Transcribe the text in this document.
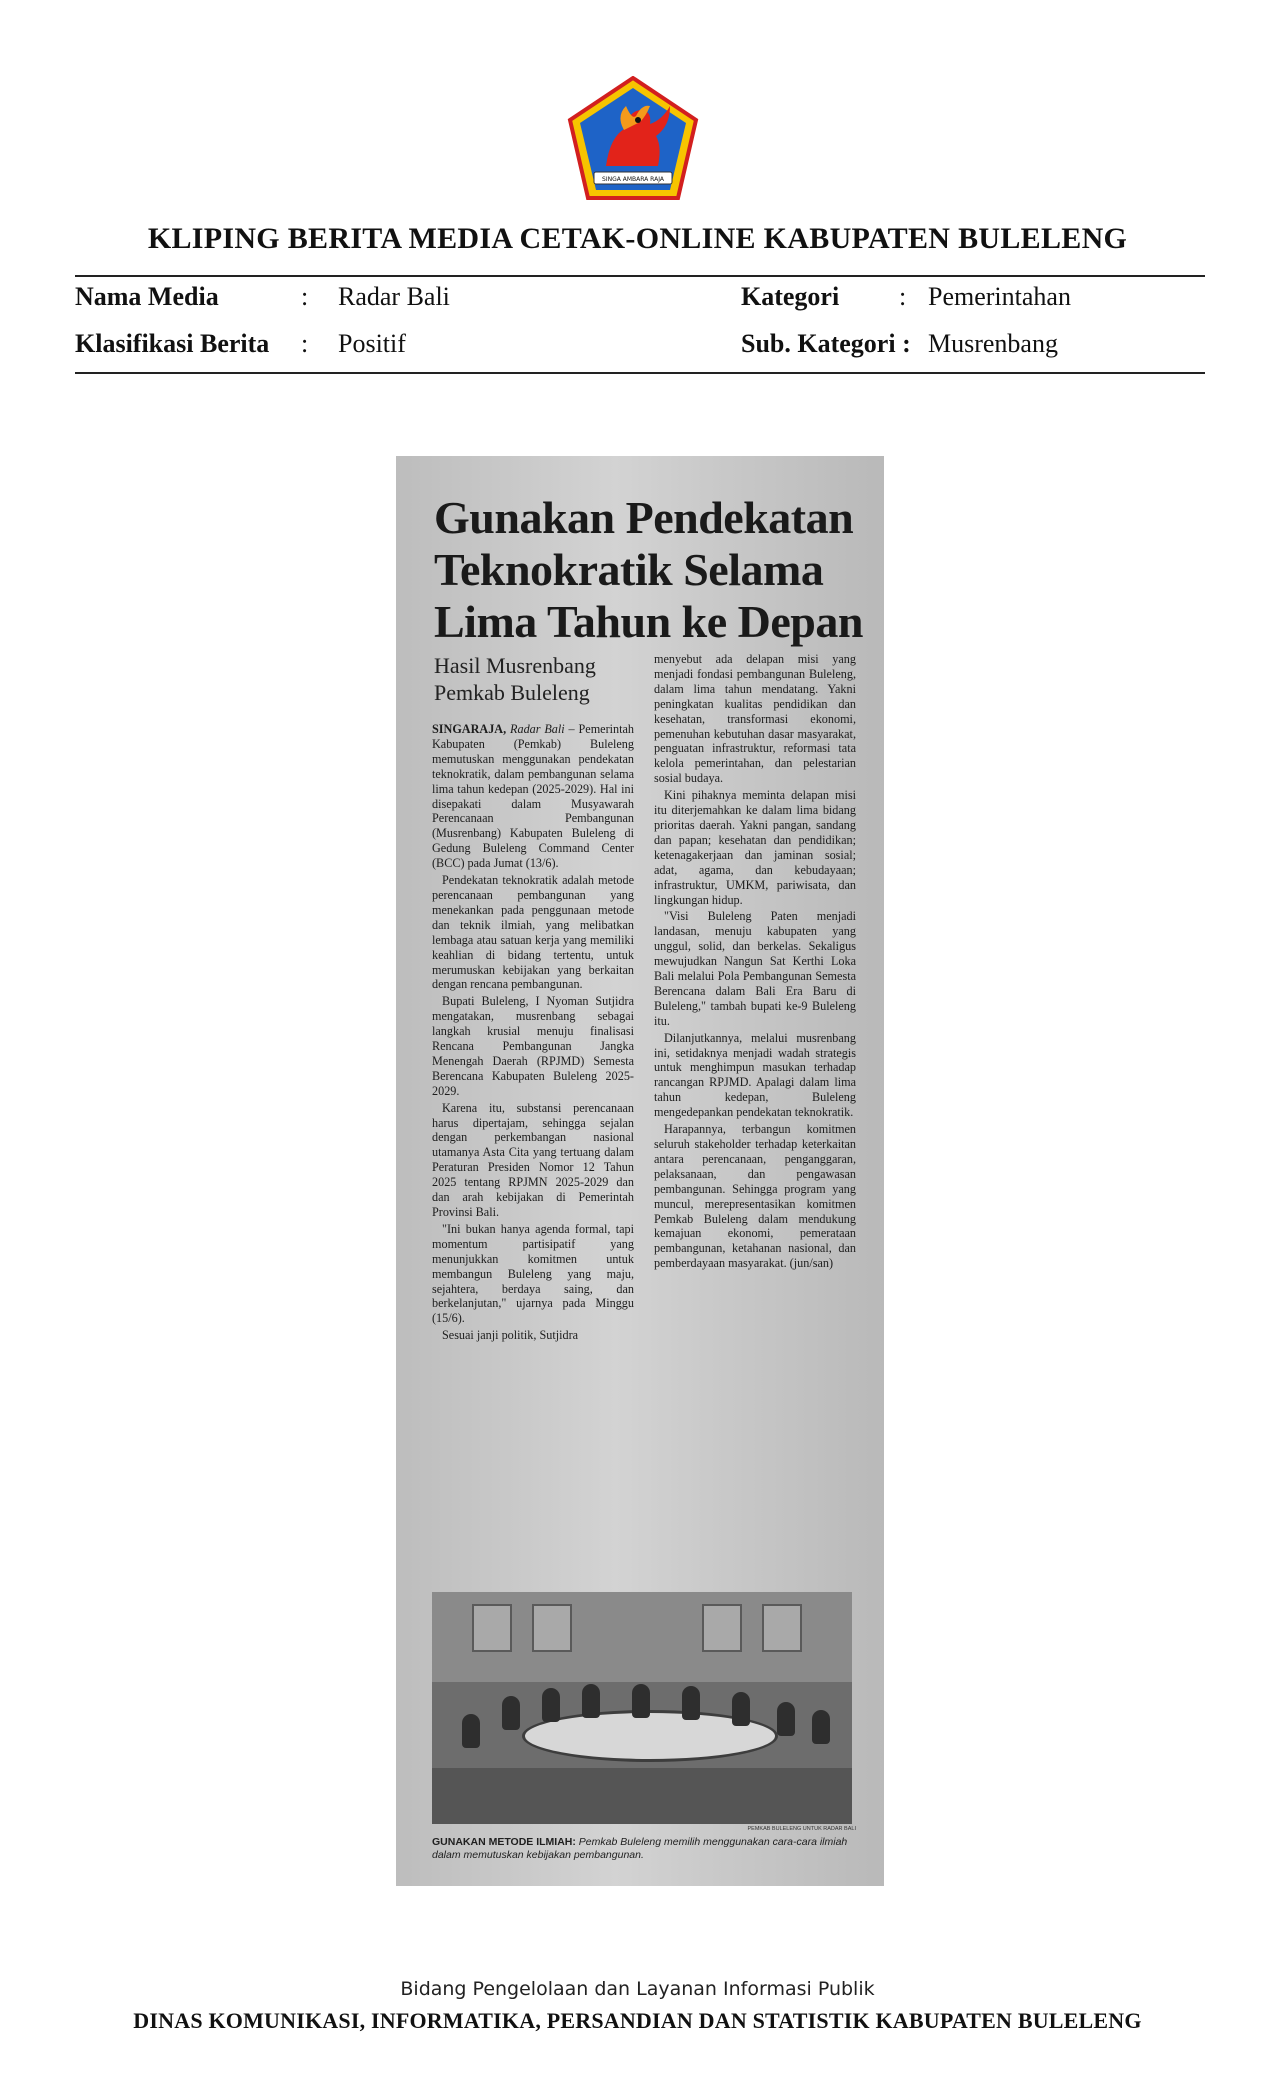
SINGA AMBARA RAJA
KLIPING BERITA MEDIA CETAK-ONLINE KABUPATEN BULELENG
Nama Media	: Radar Bali	Kategori : Pemerintahan
Klasifikasi Berita : Positif	Sub. Kategori : Musrenbang
Gunakan Pendekatan Teknokratik Selama Lima Tahun ke Depan
Hasil Musrenbang Pemkab Buleleng

SINGARAJA, Radar Bali – Pemerintah Kabupaten (Pemkab) Buleleng memutuskan menggunakan pendekatan teknokratik, dalam pembangunan selama lima tahun kedepan (2025-2029). Hal ini disepakati dalam Musyawarah Perencanaan Pembangunan (Musrenbang) Kabupaten Buleleng di Gedung Buleleng Command Center (BCC) pada Jumat (13/6).

Pendekatan teknokratik adalah metode perencanaan pembangunan yang menekankan pada penggunaan metode dan teknik ilmiah, yang melibatkan lembaga atau satuan kerja yang memiliki keahlian di bidang tertentu, untuk merumuskan kebijakan yang berkaitan dengan rencana pembangunan.

Bupati Buleleng, I Nyoman Sutjidra mengatakan, musrenbang sebagai langkah krusial menuju finalisasi Rencana Pembangunan Jangka Menengah Daerah (RPJMD) Semesta Berencana Kabupaten Buleleng 2025-2029.

Karena itu, substansi perencanaan harus dipertajam, sehingga sejalan dengan perkembangan nasional utamanya Asta Cita yang tertuang dalam Peraturan Presiden Nomor 12 Tahun 2025 tentang RPJMN 2025-2029 dan dan arah kebijakan di Pemerintah Provinsi Bali.

"Ini bukan hanya agenda formal, tapi momentum partisipatif yang menunjukkan komitmen untuk membangun Buleleng yang maju, sejahtera, berdaya saing, dan berkelanjutan," ujarnya pada Minggu (15/6).

Sesuai janji politik, Sutjidra

menyebut ada delapan misi yang menjadi fondasi pembangunan Buleleng, dalam lima tahun mendatang. Yakni peningkatan kualitas pendidikan dan kesehatan, transformasi ekonomi, pemenuhan kebutuhan dasar masyarakat, penguatan infrastruktur, reformasi tata kelola pemerintahan, dan pelestarian sosial budaya.

Kini pihaknya meminta delapan misi itu diterjemahkan ke dalam lima bidang prioritas daerah. Yakni pangan, sandang dan papan; kesehatan dan pendidikan; ketenagakerjaan dan jaminan sosial; adat, agama, dan kebudayaan; infrastruktur, UMKM, pariwisata, dan lingkungan hidup.

"Visi Buleleng Paten menjadi landasan, menuju kabupaten yang unggul, solid, dan berkelas. Sekaligus mewujudkan Nangun Sat Kerthi Loka Bali melalui Pola Pembangunan Semesta Berencana dalam Bali Era Baru di Buleleng," tambah bupati ke-9 Buleleng itu.

Dilanjutkannya, melalui musrenbang ini, setidaknya menjadi wadah strategis untuk menghimpun masukan terhadap rancangan RPJMD. Apalagi dalam lima tahun kedepan, Buleleng mengedepankan pendekatan teknokratik.

Harapannya, terbangun komitmen seluruh stakeholder terhadap keterkaitan antara perencanaan, penganggaran, pelaksanaan, dan pengawasan pembangunan. Sehingga program yang muncul, merepresentasikan komitmen Pemkab Buleleng dalam mendukung kemajuan ekonomi, pemerataan pembangunan, ketahanan nasional, dan pemberdayaan masyarakat. (jun/san)

PEMKAB BULELENG UNTUK RADAR BALI
GUNAKAN METODE ILMIAH: Pemkab Buleleng memilih menggunakan cara-cara ilmiah dalam memutuskan kebijakan pembangunan.
Bidang Pengelolaan dan Layanan Informasi Publik
DINAS KOMUNIKASI, INFORMATIKA, PERSANDIAN DAN STATISTIK KABUPATEN BULELENG
